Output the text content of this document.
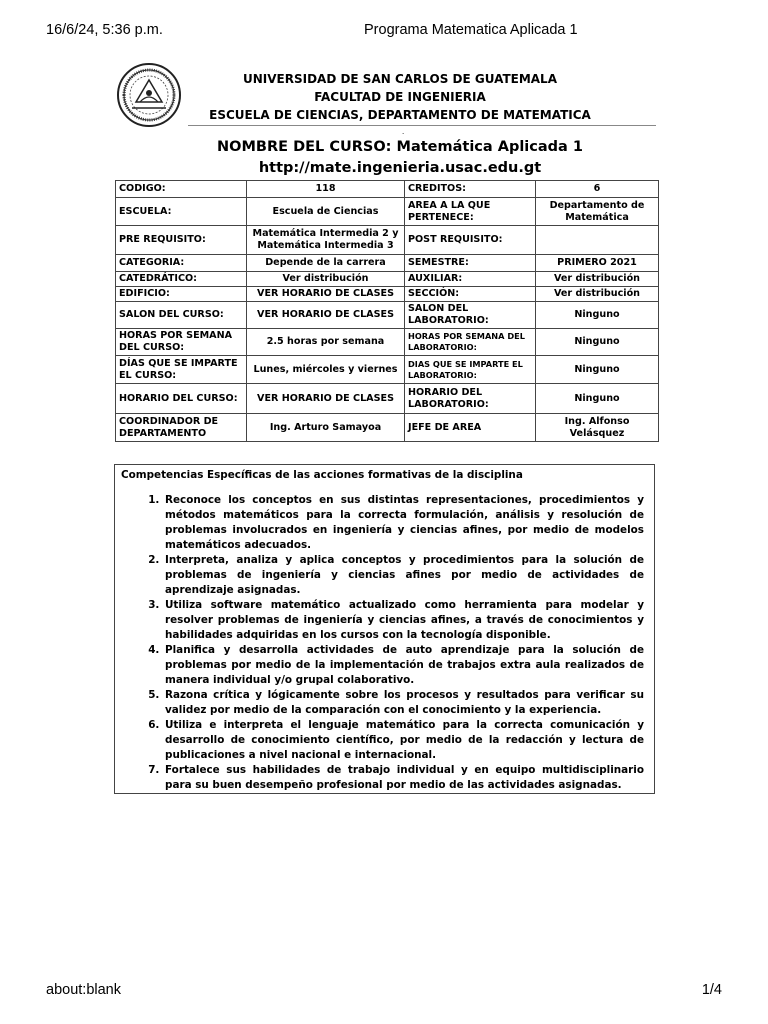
16/6/24, 5:36 p.m.	Programa Matematica Aplicada 1
UNIVERSIDAD DE SAN CARLOS DE GUATEMALA
FACULTAD DE INGENIERIA
ESCUELA DE CIENCIAS, DEPARTAMENTO DE MATEMATICA
.
NOMBRE DEL CURSO: Matemática Aplicada 1
http://mate.ingenieria.usac.edu.gt
CODIGO:	118	CREDITOS:	6
ESCUELA:	Escuela de Ciencias	AREA A LA QUE PERTENECE:	Departamento de Matemática
PRE REQUISITO:	Matemática Intermedia 2 y Matemática Intermedia 3	POST REQUISITO:	
CATEGORIA:	Depende de la carrera	SEMESTRE:	PRIMERO 2021
CATEDRÁTICO:	Ver distribución	AUXILIAR:	Ver distribución
EDIFICIO:	VER HORARIO DE CLASES	SECCIÓN:	Ver distribución
SALON DEL CURSO:	VER HORARIO DE CLASES	SALON DEL LABORATORIO:	Ninguno
HORAS POR SEMANA DEL CURSO:	2.5 horas por semana	HORAS POR SEMANA DEL LABORATORIO:	Ninguno
DÍAS QUE SE IMPARTE EL CURSO:	Lunes, miércoles y viernes	DIAS QUE SE IMPARTE EL LABORATORIO:	Ninguno
HORARIO DEL CURSO:	VER HORARIO DE CLASES	HORARIO DEL LABORATORIO:	Ninguno
COORDINADOR DE DEPARTAMENTO	Ing. Arturo Samayoa	JEFE DE AREA	Ing. Alfonso Velásquez
Competencias Específicas de las acciones formativas de la disciplina
1. Reconoce los conceptos en sus distintas representaciones, procedimientos y métodos matemáticos para la correcta formulación, análisis y resolución de problemas involucrados en ingeniería y ciencias afines, por medio de modelos matemáticos adecuados.
2. Interpreta, analiza y aplica conceptos y procedimientos para la solución de problemas de ingeniería y ciencias afines por medio de actividades de aprendizaje asignadas.
3. Utiliza software matemático actualizado como herramienta para modelar y resolver problemas de ingeniería y ciencias afines, a través de conocimientos y habilidades adquiridas en los cursos con la tecnología disponible.
4. Planifica y desarrolla actividades de auto aprendizaje para la solución de problemas por medio de la implementación de trabajos extra aula realizados de manera individual y/o grupal colaborativo.
5. Razona crítica y lógicamente sobre los procesos y resultados para verificar su validez por medio de la comparación con el conocimiento y la experiencia.
6. Utiliza e interpreta el lenguaje matemático para la correcta comunicación y desarrollo de conocimiento científico, por medio de la redacción y lectura de publicaciones a nivel nacional e internacional.
7. Fortalece sus habilidades de trabajo individual y en equipo multidisciplinario para su buen desempeño profesional por medio de las actividades asignadas.
about:blank	1/4
